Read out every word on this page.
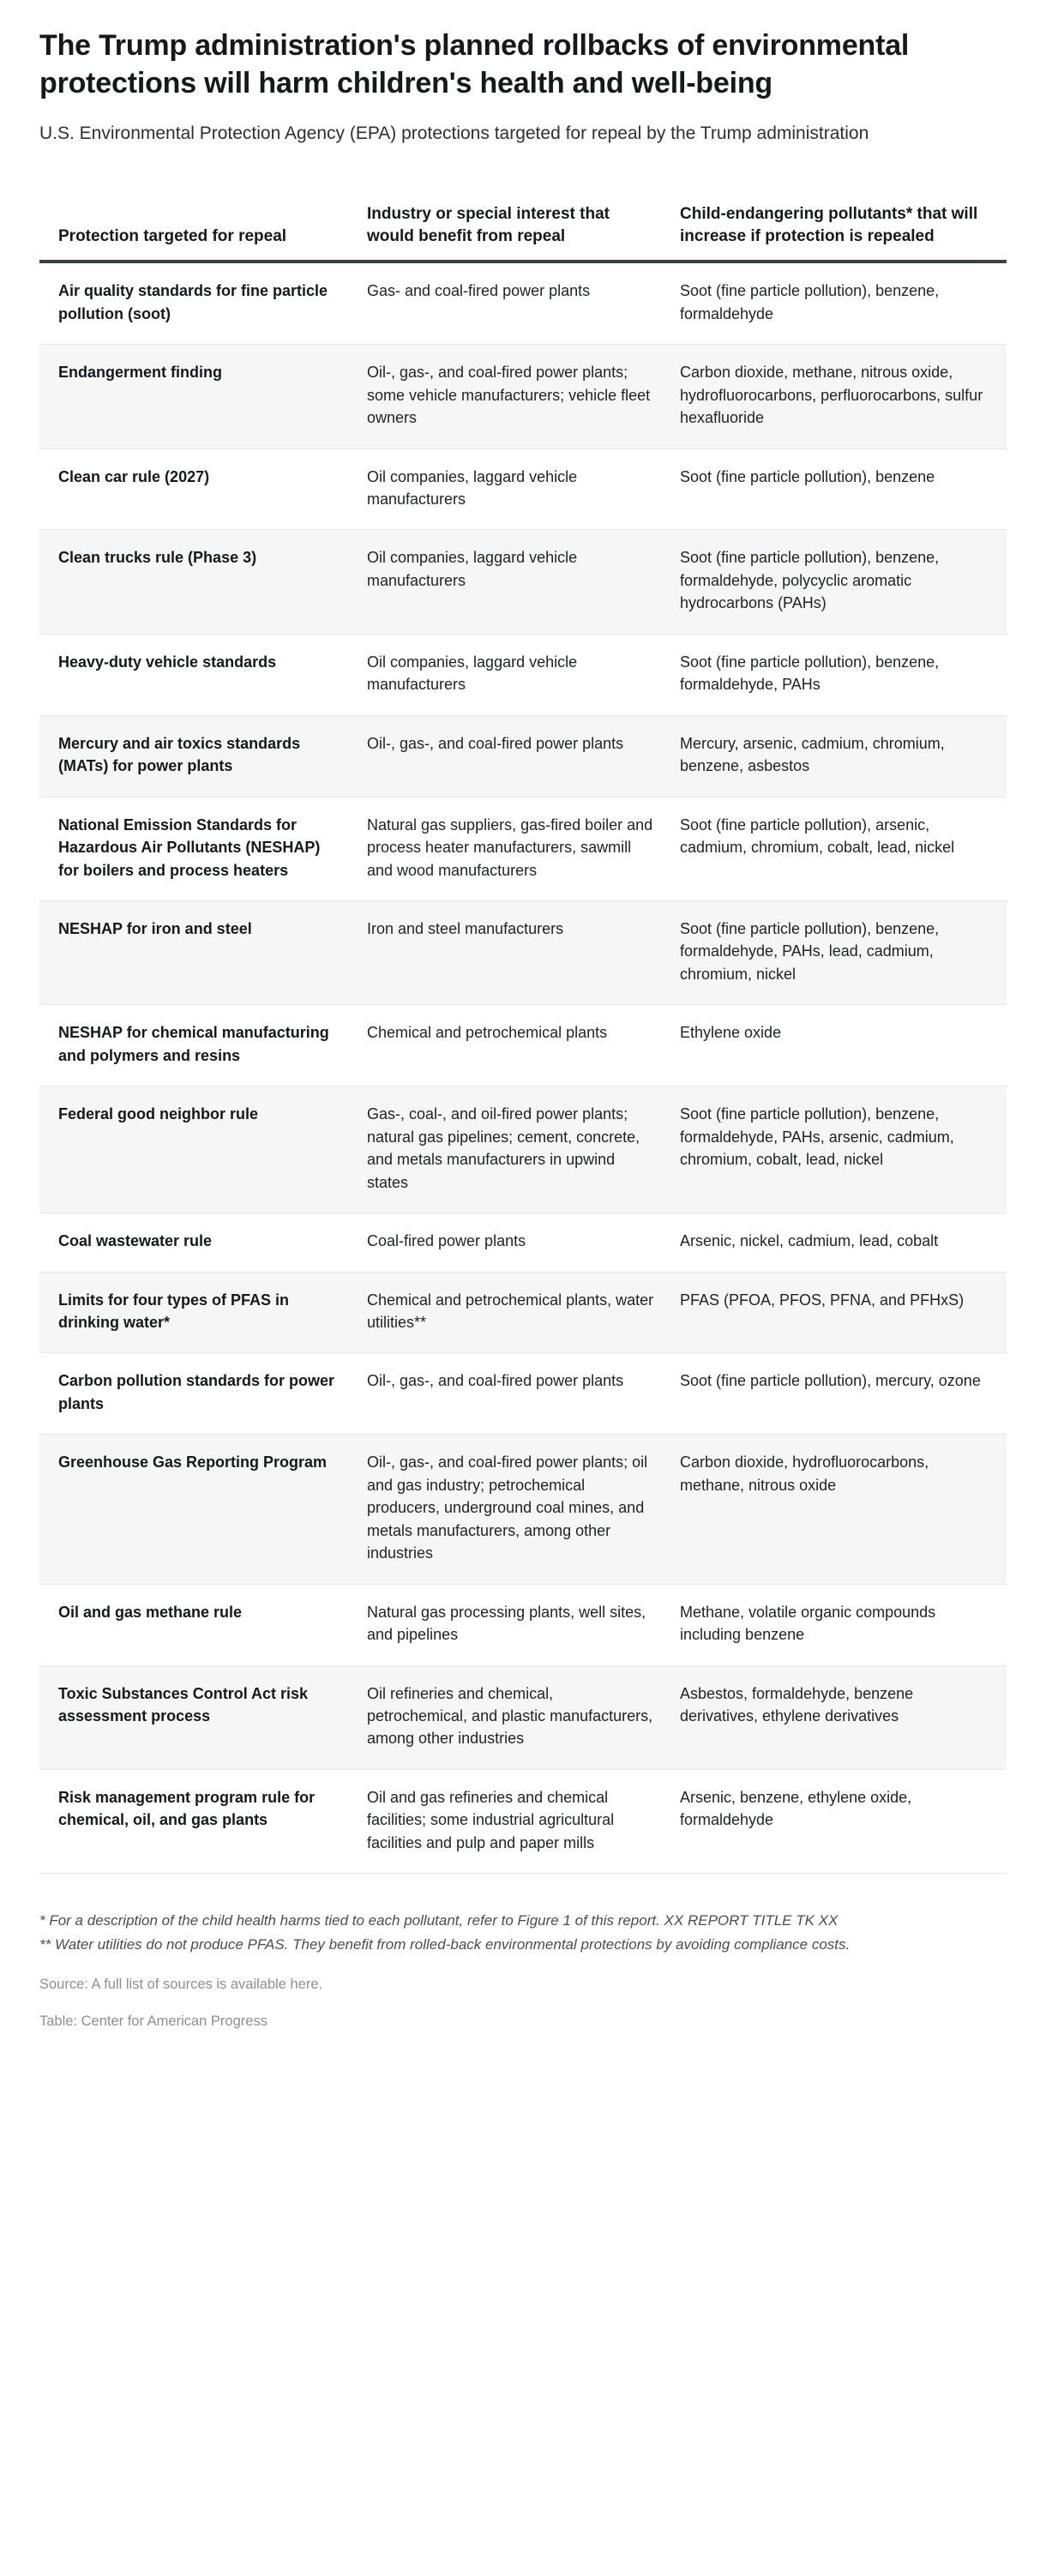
The Trump administration's planned rollbacks of environmental protections will harm children's health and well-being

U.S. Environmental Protection Agency (EPA) protections targeted for repeal by the Trump administration

Protection targeted for repeal	Industry or special interest that would benefit from repeal	Child-endangering pollutants* that will increase if protection is repealed

Air quality standards for fine particle pollution (soot)	Gas- and coal-fired power plants	Soot (fine particle pollution), benzene, formaldehyde
Endangerment finding	Oil-, gas-, and coal-fired power plants; some vehicle manufacturers; vehicle fleet owners	Carbon dioxide, methane, nitrous oxide, hydrofluorocarbons, perfluorocarbons, sulfur hexafluoride
Clean car rule (2027)	Oil companies, laggard vehicle manufacturers	Soot (fine particle pollution), benzene
Clean trucks rule (Phase 3)	Oil companies, laggard vehicle manufacturers	Soot (fine particle pollution), benzene, formaldehyde, polycyclic aromatic hydrocarbons (PAHs)
Heavy-duty vehicle standards	Oil companies, laggard vehicle manufacturers	Soot (fine particle pollution), benzene, formaldehyde, PAHs
Mercury and air toxics standards (MATs) for power plants	Oil-, gas-, and coal-fired power plants	Mercury, arsenic, cadmium, chromium, benzene, asbestos
National Emission Standards for Hazardous Air Pollutants (NESHAP) for boilers and process heaters	Natural gas suppliers, gas-fired boiler and process heater manufacturers, sawmill and wood manufacturers	Soot (fine particle pollution), arsenic, cadmium, chromium, cobalt, lead, nickel
NESHAP for iron and steel	Iron and steel manufacturers	Soot (fine particle pollution), benzene, formaldehyde, PAHs, lead, cadmium, chromium, nickel
NESHAP for chemical manufacturing and polymers and resins	Chemical and petrochemical plants	Ethylene oxide
Federal good neighbor rule	Gas-, coal-, and oil-fired power plants; natural gas pipelines; cement, concrete, and metals manufacturers in upwind states	Soot (fine particle pollution), benzene, formaldehyde, PAHs, arsenic, cadmium, chromium, cobalt, lead, nickel
Coal wastewater rule	Coal-fired power plants	Arsenic, nickel, cadmium, lead, cobalt
Limits for four types of PFAS in drinking water*	Chemical and petrochemical plants, water utilities**	PFAS (PFOA, PFOS, PFNA, and PFHxS)
Carbon pollution standards for power plants	Oil-, gas-, and coal-fired power plants	Soot (fine particle pollution), mercury, ozone
Greenhouse Gas Reporting Program	Oil-, gas-, and coal-fired power plants; oil and gas industry; petrochemical producers, underground coal mines, and metals manufacturers, among other industries	Carbon dioxide, hydrofluorocarbons, methane, nitrous oxide
Oil and gas methane rule	Natural gas processing plants, well sites, and pipelines	Methane, volatile organic compounds including benzene
Toxic Substances Control Act risk assessment process	Oil refineries and chemical, petrochemical, and plastic manufacturers, among other industries	Asbestos, formaldehyde, benzene derivatives, ethylene derivatives
Risk management program rule for chemical, oil, and gas plants	Oil and gas refineries and chemical facilities; some industrial agricultural facilities and pulp and paper mills	Arsenic, benzene, ethylene oxide, formaldehyde

* For a description of the child health harms tied to each pollutant, refer to Figure 1 of this report. XX REPORT TITLE TK XX

** Water utilities do not produce PFAS. They benefit from rolled-back environmental protections by avoiding compliance costs.

Source: A full list of sources is available here.

Table: Center for American Progress
